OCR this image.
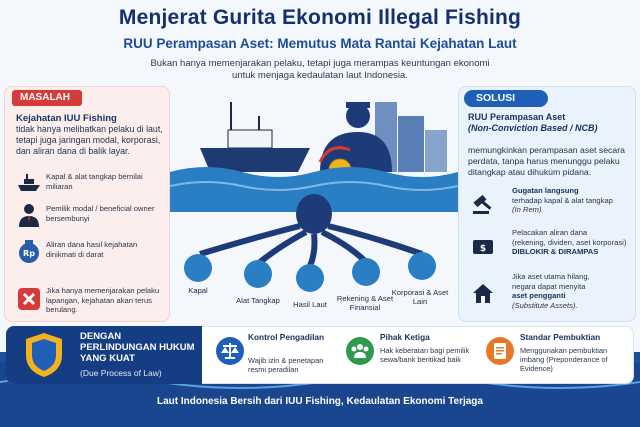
Menjerat Gurita Ekonomi Illegal Fishing
RUU Perampasan Aset: Memutus Mata Rantai Kejahatan Laut
Bukan hanya memenjarakan pelaku, tetapi juga merampas keuntungan ekonomi untuk menjaga kedaulatan laut Indonesia.
MASALAH
Kejahatan IUU Fishing
tidak hanya melibatkan pelaku di laut, tetapi juga jaringan modal, korporasi, dan aliran dana di balik layar.
Kapal & alat tangkap bernilai miliaran
Pemilik modal / beneficial owner bersembunyi
Rp
Aliran dana hasil kejahatan dinikmati di darat
Jika hanya memenjarakan pelaku lapangan, kejahatan akan terus berulang.
Kapal
Alat Tangkap	Hasil Laut
Rekening & Aset Finansial
Korporasi & Aset Lain
SOLUSI
RUU Perampasan Aset
(Non-Conviction Based / NCB)
memungkinkan perampasan aset secara perdata, tanpa harus menunggu pelaku ditangkap atau dihukum pidana.
Gugatan langsung
terhadap kapal & alat tangkap
(In Rem)
$
Pelacakan aliran dana
(rekening, dividen, aset korporasi)
DIBLOKIR & DIRAMPAS
Jika aset utama hilang,
negara dapat menyita
aset pengganti
(Substitute Assets).
DENGAN PERLINDUNGAN HUKUM YANG KUAT
(Due Process of Law)
Kontrol Pengadilan
Wajib izin & penetapan resmi peradilan
Pihak Ketiga
Hak keberatan bagi pemilik sewa/bank beritikad baik
Standar Pembuktian
Menggunakan pembuktian imbang (Preponderance of Evidence)
Laut Indonesia Bersih dari IUU Fishing, Kedaulatan Ekonomi Terjaga
